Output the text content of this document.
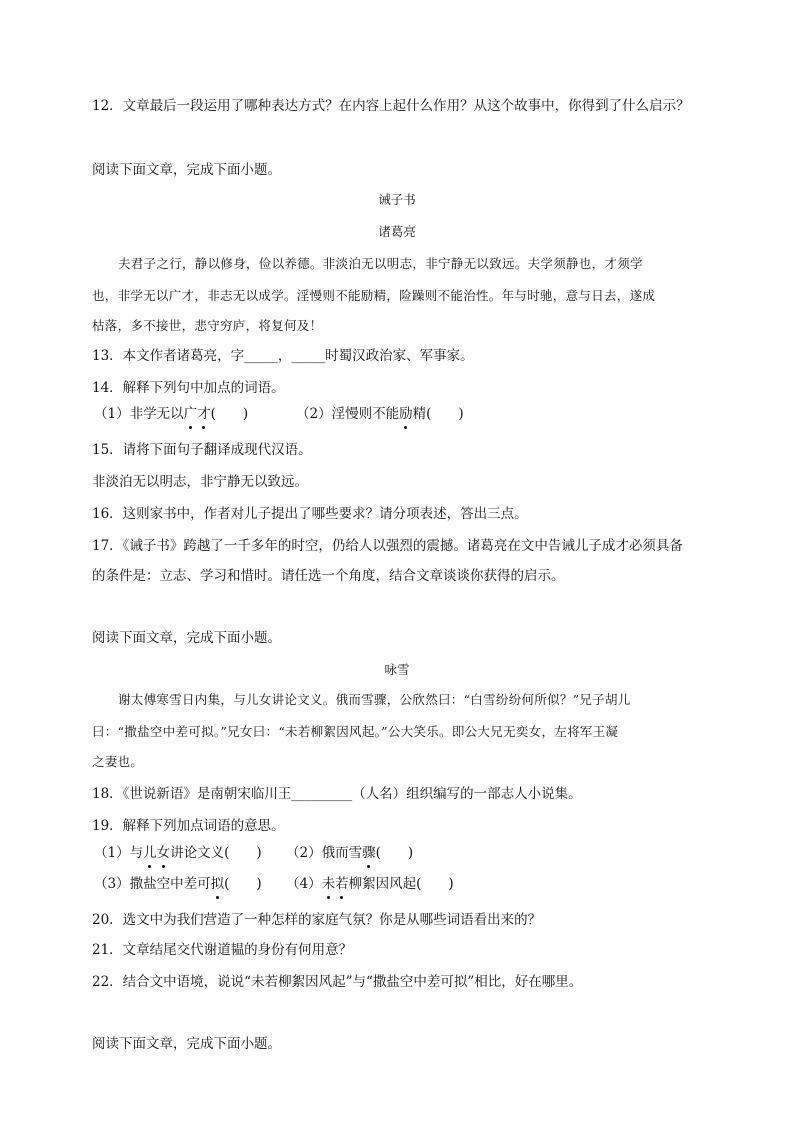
12．文章最后一段运用了哪种表达方式？在内容上起什么作用？从这个故事中，你得到了什么启示？
阅读下面文章，完成下面小题。
诫子书
诸葛亮
夫君子之行，静以修身，俭以养德。非淡泊无以明志，非宁静无以致远。夫学须静也，才须学
也，非学无以广才，非志无以成学。淫慢则不能励精，险躁则不能治性。年与时驰，意与日去，遂成
枯落，多不接世，悲守穷庐，将复何及！
13．本文作者诸葛亮，字_____，_____时蜀汉政治家、军事家。
14．解释下列句中加点的词语。
（1）非学无以广才(　　)	（2）淫慢则不能励精(　　)
15．请将下面句子翻译成现代汉语。
非淡泊无以明志，非宁静无以致远。
16．这则家书中，作者对儿子提出了哪些要求？请分项表述，答出三点。
17．《诫子书》跨越了一千多年的时空，仍给人以强烈的震撼。诸葛亮在文中告诫儿子成才必须具备
的条件是：立志、学习和惜时。请任选一个角度，结合文章谈谈你获得的启示。
阅读下面文章，完成下面小题。
咏雪
谢太傅寒雪日内集，与儿女讲论文义。俄而雪骤，公欣然曰：“白雪纷纷何所似？”兄子胡儿
曰：“撒盐空中差可拟。”兄女曰：“未若柳絮因风起。”公大笑乐。即公大兄无奕女，左将军王凝
之妻也。
18．《世说新语》是南朝宋临川王_________（人名）组织编写的一部志人小说集。
19．解释下列加点词语的意思。
（1）与儿女讲论文义(　　) （2）俄而雪骤(　　)
（3）撒盐空中差可拟(　　) （4）未若柳絮因风起(　　)
20．选文中为我们营造了一种怎样的家庭气氛？你是从哪些词语看出来的？
21．文章结尾交代谢道韫的身份有何用意？
22．结合文中语境，说说“未若柳絮因风起”与“撒盐空中差可拟”相比，好在哪里。
阅读下面文章，完成下面小题。
